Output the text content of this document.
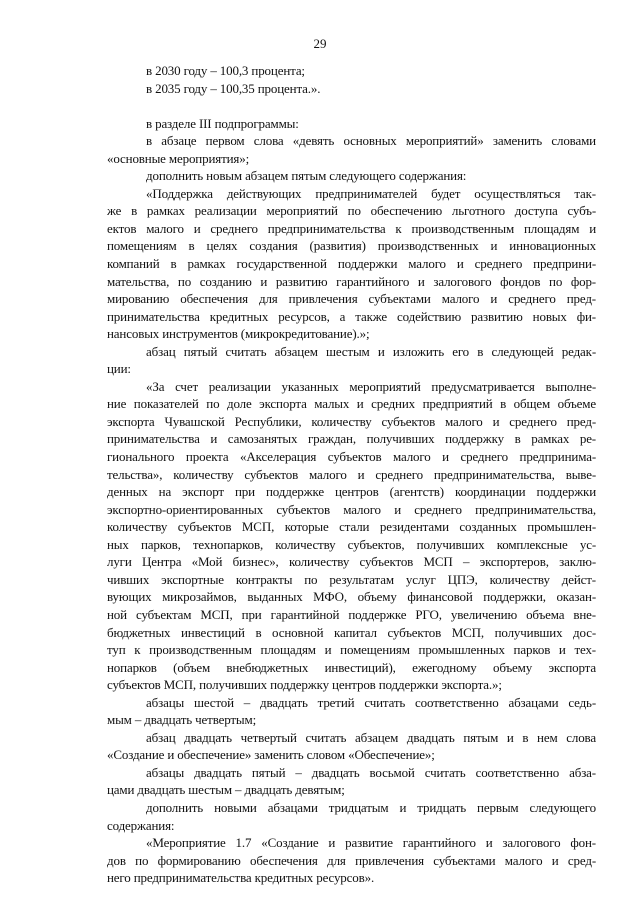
29
в 2030 году – 100,3 процента;
в 2035 году – 100,35 процента.».
в разделе III подпрограммы:
в абзаце первом слова «девять основных мероприятий» заменить словами
«основные мероприятия»;
дополнить новым абзацем пятым следующего содержания:
«Поддержка действующих предпринимателей будет осуществляться так-
же в рамках реализации мероприятий по обеспечению льготного доступа субъ-
ектов малого и среднего предпринимательства к производственным площадям и
помещениям в целях создания (развития) производственных и инновационных
компаний в рамках государственной поддержки малого и среднего предприни-
мательства, по созданию и развитию гарантийного и залогового фондов по фор-
мированию обеспечения для привлечения субъектами малого и среднего пред-
принимательства кредитных ресурсов, а также содействию развитию новых фи-
нансовых инструментов (микрокредитование).»;
абзац пятый считать абзацем шестым и изложить его в следующей редак-
ции:
«За счет реализации указанных мероприятий предусматривается выполне-
ние показателей по доле экспорта малых и средних предприятий в общем объеме
экспорта Чувашской Республики, количеству субъектов малого и среднего пред-
принимательства и самозанятых граждан, получивших поддержку в рамках ре-
гионального проекта «Акселерация субъектов малого и среднего предпринима-
тельства», количеству субъектов малого и среднего предпринимательства, выве-
денных на экспорт при поддержке центров (агентств) координации поддержки
экспортно-ориентированных субъектов малого и среднего предпринимательства,
количеству субъектов МСП, которые стали резидентами созданных промышлен-
ных парков, технопарков, количеству субъектов, получивших комплексные ус-
луги Центра «Мой бизнес», количеству субъектов МСП – экспортеров, заклю-
чивших экспортные контракты по результатам услуг ЦПЭ, количеству дейст-
вующих микрозаймов, выданных МФО, объему финансовой поддержки, оказан-
ной субъектам МСП, при гарантийной поддержке РГО, увеличению объема вне-
бюджетных инвестиций в основной капитал субъектов МСП, получивших дос-
туп к производственным площадям и помещениям промышленных парков и тех-
нопарков (объем внебюджетных инвестиций), ежегодному объему экспорта
субъектов МСП, получивших поддержку центров поддержки экспорта.»;
абзацы шестой – двадцать третий считать соответственно абзацами седь-
мым – двадцать четвертым;
абзац двадцать четвертый считать абзацем двадцать пятым и в нем слова
«Создание и обеспечение» заменить словом «Обеспечение»;
абзацы двадцать пятый – двадцать восьмой считать соответственно абза-
цами двадцать шестым – двадцать девятым;
дополнить новыми абзацами тридцатым и тридцать первым следующего
содержания:
«Мероприятие 1.7 «Создание и развитие гарантийного и залогового фон-
дов по формированию обеспечения для привлечения субъектами малого и сред-
него предпринимательства кредитных ресурсов».
